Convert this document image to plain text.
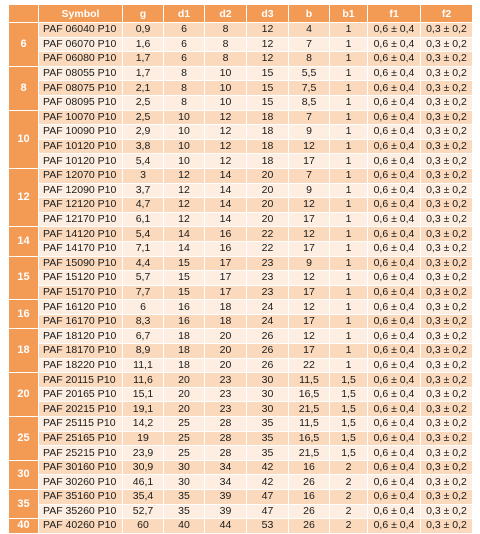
	Symbol	g	d1	d2	d3	b	b1	f1	f2
6	PAF 06040 P10	0,9	6	8	12	4	1	0,6 ± 0,4	0,3 ± 0,2
	PAF 06070 P10	1,6	6	8	12	7	1	0,6 ± 0,4	0,3 ± 0,2
	PAF 06080 P10	1,7	6	8	12	8	1	0,6 ± 0,4	0,3 ± 0,2
8	PAF 08055 P10	1,7	8	10	15	5,5	1	0,6 ± 0,4	0,3 ± 0,2
	PAF 08075 P10	2,1	8	10	15	7,5	1	0,6 ± 0,4	0,3 ± 0,2
	PAF 08095 P10	2,5	8	10	15	8,5	1	0,6 ± 0,4	0,3 ± 0,2
10	PAF 10070 P10	2,5	10	12	18	7	1	0,6 ± 0,4	0,3 ± 0,2
	PAF 10090 P10	2,9	10	12	18	9	1	0,6 ± 0,4	0,3 ± 0,2
	PAF 10120 P10	3,8	10	12	18	12	1	0,6 ± 0,4	0,3 ± 0,2
	PAF 10120 P10	5,4	10	12	18	17	1	0,6 ± 0,4	0,3 ± 0,2
12	PAF 12070 P10	3	12	14	20	7	1	0,6 ± 0,4	0,3 ± 0,2
	PAF 12090 P10	3,7	12	14	20	9	1	0,6 ± 0,4	0,3 ± 0,2
	PAF 12120 P10	4,7	12	14	20	12	1	0,6 ± 0,4	0,3 ± 0,2
	PAF 12170 P10	6,1	12	14	20	17	1	0,6 ± 0,4	0,3 ± 0,2
14	PAF 14120 P10	5,4	14	16	22	12	1	0,6 ± 0,4	0,3 ± 0,2
	PAF 14170 P10	7,1	14	16	22	17	1	0,6 ± 0,4	0,3 ± 0,2
15	PAF 15090 P10	4,4	15	17	23	9	1	0,6 ± 0,4	0,3 ± 0,2
	PAF 15120 P10	5,7	15	17	23	12	1	0,6 ± 0,4	0,3 ± 0,2
	PAF 15170 P10	7,7	15	17	23	17	1	0,6 ± 0,4	0,3 ± 0,2
16	PAF 16120 P10	6	16	18	24	12	1	0,6 ± 0,4	0,3 ± 0,2
	PAF 16170 P10	8,3	16	18	24	17	1	0,6 ± 0,4	0,3 ± 0,2
18	PAF 18120 P10	6,7	18	20	26	12	1	0,6 ± 0,4	0,3 ± 0,2
	PAF 18170 P10	8,9	18	20	26	17	1	0,6 ± 0,4	0,3 ± 0,2
	PAF 18220 P10	11,1	18	20	26	22	1	0,6 ± 0,4	0,3 ± 0,2
20	PAF 20115 P10	11,6	20	23	30	11,5	1,5	0,6 ± 0,4	0,3 ± 0,2
	PAF 20165 P10	15,1	20	23	30	16,5	1,5	0,6 ± 0,4	0,3 ± 0,2
	PAF 20215 P10	19,1	20	23	30	21,5	1,5	0,6 ± 0,4	0,3 ± 0,2
25	PAF 25115 P10	14,2	25	28	35	11,5	1,5	0,6 ± 0,4	0,3 ± 0,2
	PAF 25165 P10	19	25	28	35	16,5	1,5	0,6 ± 0,4	0,3 ± 0,2
	PAF 25215 P10	23,9	25	28	35	21,5	1,5	0,6 ± 0,4	0,3 ± 0,2
30	PAF 30160 P10	30,9	30	34	42	16	2	0,6 ± 0,4	0,3 ± 0,2
	PAF 30260 P10	46,1	30	34	42	26	2	0,6 ± 0,4	0,3 ± 0,2
35	PAF 35160 P10	35,4	35	39	47	16	2	0,6 ± 0,4	0,3 ± 0,2
	PAF 35260 P10	52,7	35	39	47	26	2	0,6 ± 0,4	0,3 ± 0,2
40	PAF 40260 P10	60	40	44	53	26	2	0,6 ± 0,4	0,3 ± 0,2
